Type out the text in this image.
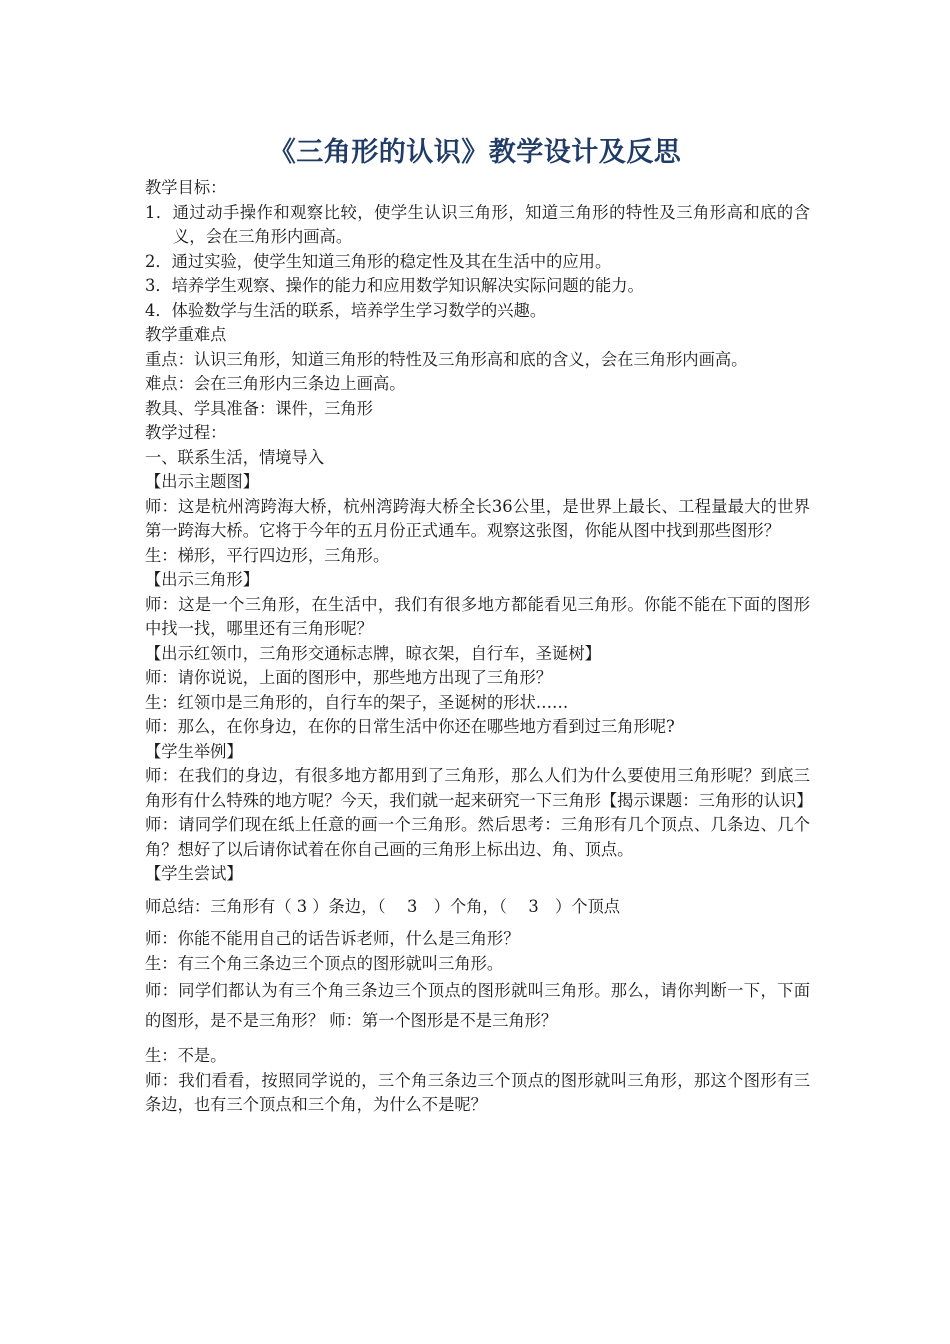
《三角形的认识》教学设计及反思

教学目标：

1．通过动手操作和观察比较，使学生认识三角形，知道三角形的特性及三角形高和底的含义，会在三角形内画高。

2．通过实验，使学生知道三角形的稳定性及其在生活中的应用。

3．培养学生观察、操作的能力和应用数学知识解决实际问题的能力。

4．体验数学与生活的联系，培养学生学习数学的兴趣。

教学重难点

重点：认识三角形，知道三角形的特性及三角形高和底的含义，会在三角形内画高。

难点：会在三角形内三条边上画高。

教具、学具准备：课件，三角形

教学过程：

一、联系生活，情境导入

【出示主题图】

师：这是杭州湾跨海大桥，杭州湾跨海大桥全长36公里，是世界上最长、工程量最大的世界第一跨海大桥。它将于今年的五月份正式通车。观察这张图，你能从图中找到那些图形？

生：梯形，平行四边形，三角形。

【出示三角形】

师：这是一个三角形，在生活中，我们有很多地方都能看见三角形。你能不能在下面的图形中找一找，哪里还有三角形呢？

【出示红领巾，三角形交通标志牌，晾衣架，自行车，圣诞树】

师：请你说说，上面的图形中，那些地方出现了三角形？

生：红领巾是三角形的，自行车的架子，圣诞树的形状……

师：那么，在你身边，在你的日常生活中你还在哪些地方看到过三角形呢?

【学生举例】

师：在我们的身边，有很多地方都用到了三角形，那么人们为什么要使用三角形呢？到底三角形有什么特殊的地方呢？今天，我们就一起来研究一下三角形【揭示课题：三角形的认识】

师：请同学们现在纸上任意的画一个三角形。然后思考：三角形有几个顶点、几条边、几个角？想好了以后请你试着在你自己画的三角形上标出边、角、顶点。

【学生尝试】

师总结：三角形有（ 3 ）条边，（　 3　）个角，（　 3　）个顶点

师：你能不能用自己的话告诉老师，什么是三角形？

生：有三个角三条边三个顶点的图形就叫三角形。

师：同学们都认为有三个角三条边三个顶点的图形就叫三角形。那么，请你判断一下，下面的图形，是不是三角形？ 师：第一个图形是不是三角形？

生：不是。

师：我们看看，按照同学说的，三个角三条边三个顶点的图形就叫三角形，那这个图形有三条边，也有三个顶点和三个角，为什么不是呢？
